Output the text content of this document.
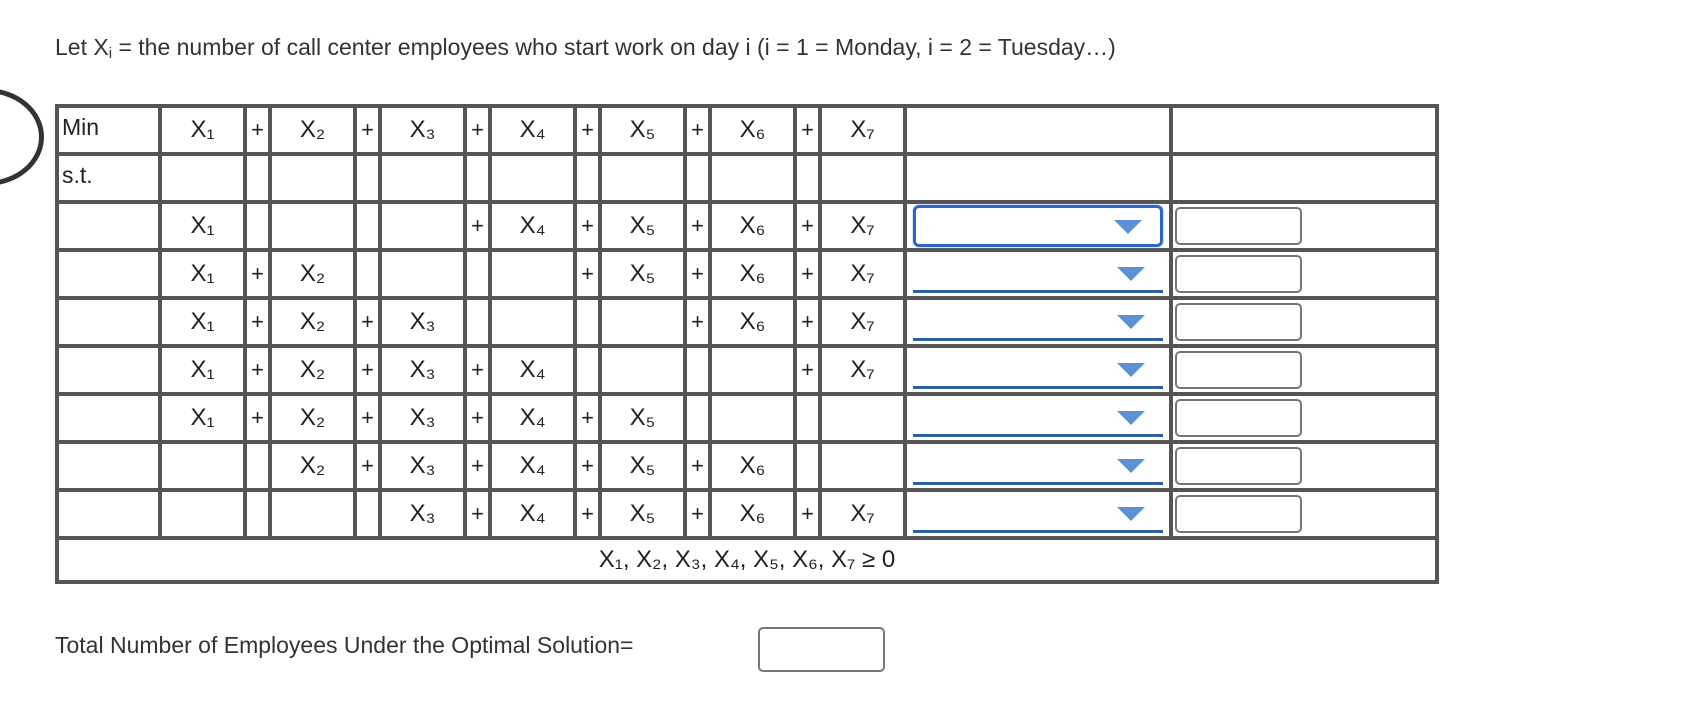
Let $X_i$ = the number of call center employees who start work on day i (i = 1 = Monday, i = 2 = Tuesday…)
Min	X₁	+	X₂	+	X₃	+	X₄	+	X₅	+	X₆	+	X₇		
s.t.															
	X₁					+	X₄	+	X₅	+	X₆	+	X₇	

	X₁	+	X₂					+	X₅	+	X₆	+	X₇	

	X₁	+	X₂	+	X₃					+	X₆	+	X₇	

	X₁	+	X₂	+	X₃	+	X₄					+	X₇	

	X₁	+	X₂	+	X₃	+	X₄	+	X₅					

			X₂	+	X₃	+	X₄	+	X₅	+	X₆			

					X₃	+	X₄	+	X₅	+	X₆	+	X₇	

X₁, X₂, X₃, X₄, X₅, X₆, X₇ ≥ 0															
Total Number of Employees Under the Optimal Solution=
